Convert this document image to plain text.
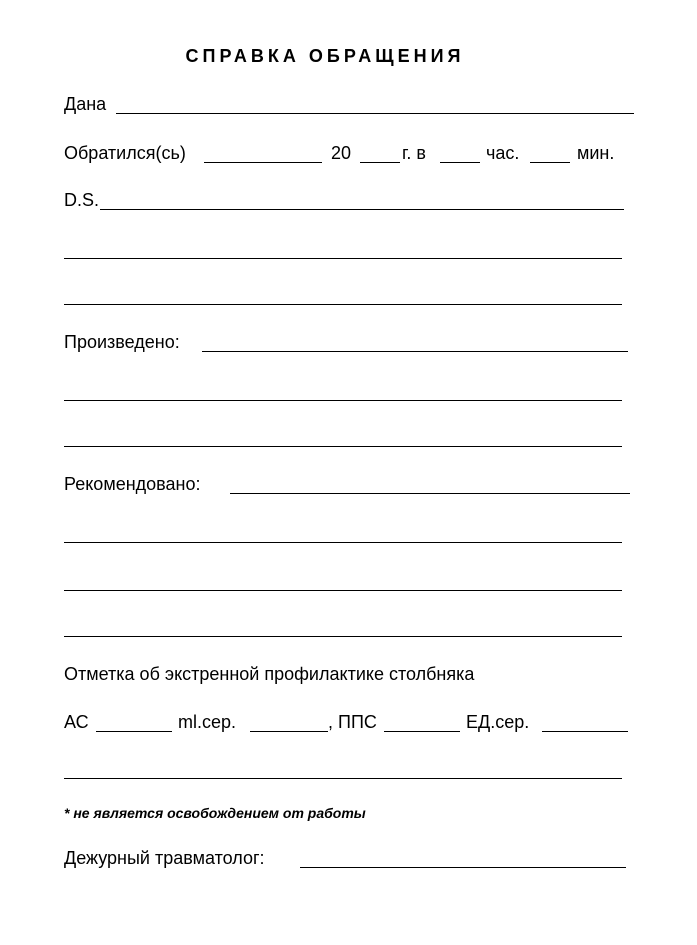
СПРАВКА ОБРАЩЕНИЯ
Дана
Обратился(сь)	20	г. в	час.	мин.
D.S.
Произведено:
Рекомендовано:
Отметка об экстренной профилактике столбняка
АС	ml.сер.	, ППС	ЕД.сер.
* не является освобождением от работы
Дежурный травматолог:
